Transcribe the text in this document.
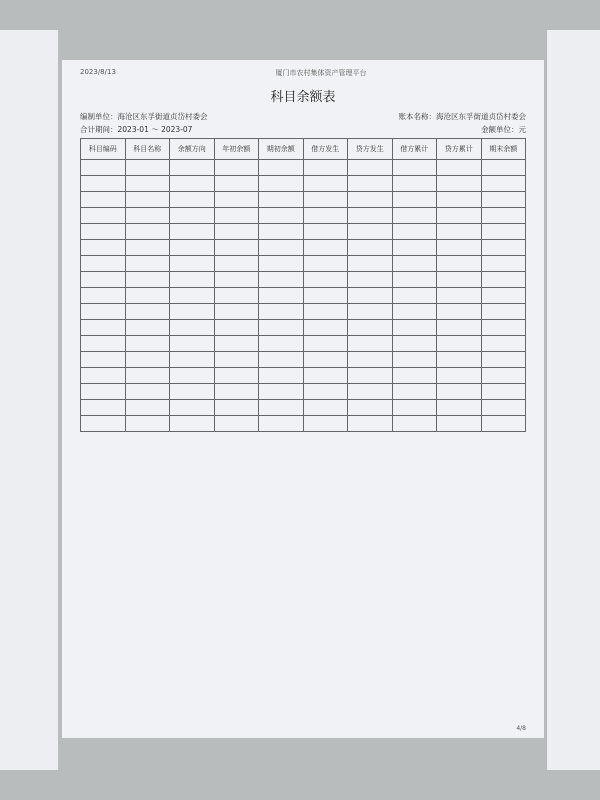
2023/8/13	厦门市农村集体资产管理平台
科目余额表
编制单位：海沧区东孚街道贞岱村委会	账本名称：海沧区东孚街道贞岱村委会
合计期间：2023-01 ～ 2023-07	金额单位：元
科目编码	科目名称	余额方向	年初余额	期初余额	借方发生	贷方发生	借方累计	贷方累计	期末余额

4/8
